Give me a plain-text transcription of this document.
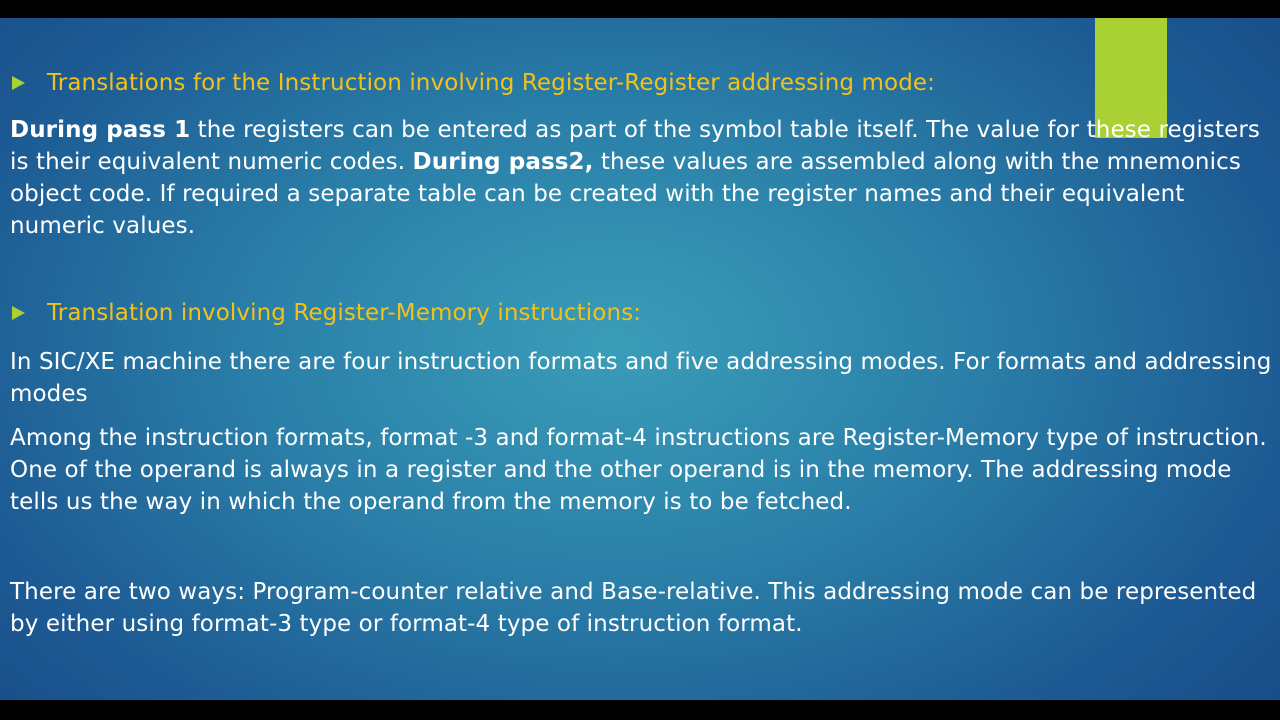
Translations for the Instruction involving Register-Register addressing mode:
During pass 1 the registers can be entered as part of the symbol table itself. The value for these registers is their equivalent numeric codes. During pass2, these values are assembled along with the mnemonics object code. If required a separate table can be created with the register names and their equivalent numeric values.
Translation involving Register-Memory instructions:
In SIC/XE machine there are four instruction formats and five addressing modes. For formats and addressing modes
Among the instruction formats, format -3 and format-4 instructions are Register-Memory type of instruction. One of the operand is always in a register and the other operand is in the memory. The addressing mode tells us the way in which the operand from the memory is to be fetched.
There are two ways: Program-counter relative and Base-relative. This addressing mode can be represented by either using format-3 type or format-4 type of instruction format.
